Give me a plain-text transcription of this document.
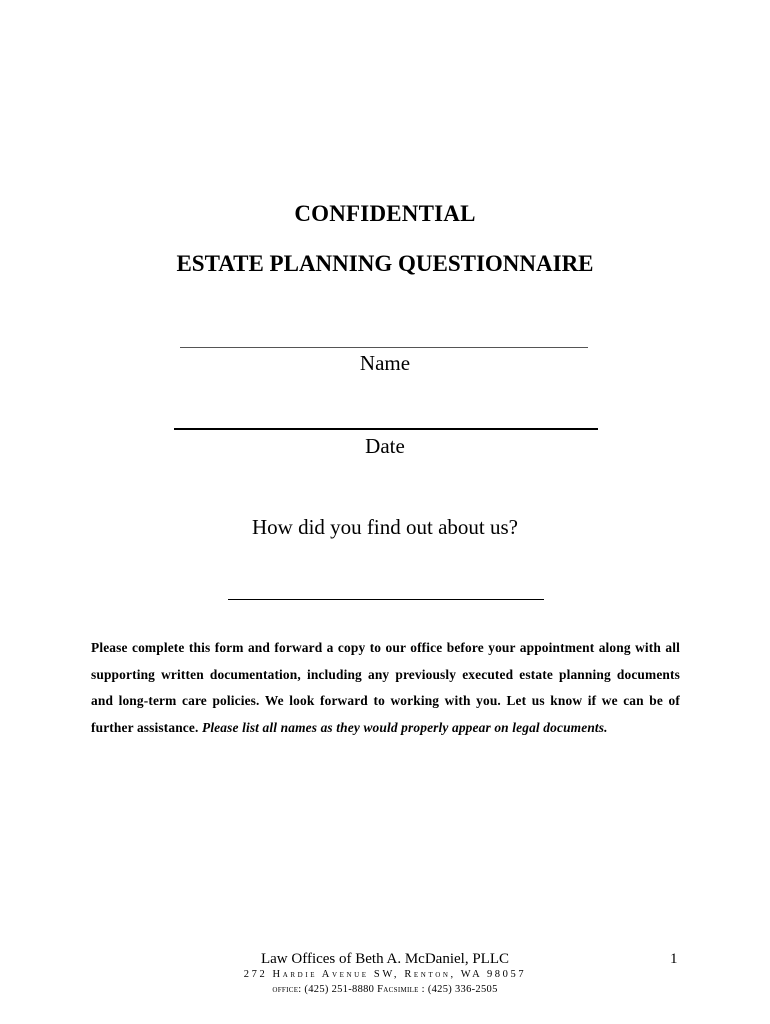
CONFIDENTIAL
ESTATE PLANNING QUESTIONNAIRE
Name
Date
How did you find out about us?
Please complete this form and forward a copy to our office before your appointment along with all supporting written documentation, including any previously executed estate planning documents and long-term care policies. We look forward to working with you. Let us know if we can be of further assistance. Please list all names as they would properly appear on legal documents.
Law Offices of Beth A. McDaniel, PLLC	1
272 Hardie Avenue SW, Renton, WA 98057
office: (425) 251-8880 Facsimile : (425) 336-2505
